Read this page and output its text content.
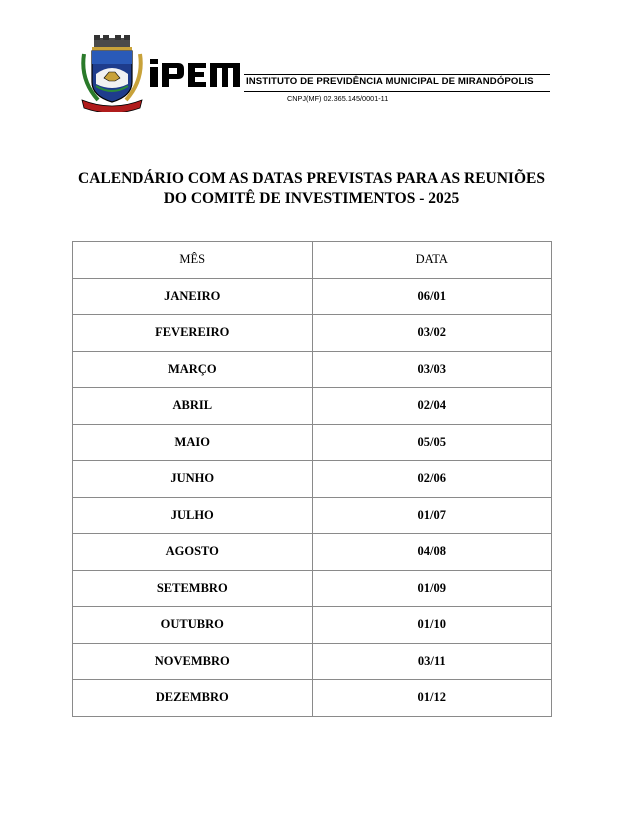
INSTITUTO DE PREVIDÊNCIA MUNICIPAL DE MIRANDÓPOLIS
CNPJ(MF) 02.365.145/0001-11
CALENDÁRIO COM AS DATAS PREVISTAS PARA AS REUNIÕES
DO COMITÊ DE INVESTIMENTOS - 2025
MÊS	DATA
JANEIRO	06/01
FEVEREIRO	03/02
MARÇO	03/03
ABRIL	02/04
MAIO	05/05
JUNHO	02/06
JULHO	01/07
AGOSTO	04/08
SETEMBRO	01/09
OUTUBRO	01/10
NOVEMBRO	03/11
DEZEMBRO	01/12
